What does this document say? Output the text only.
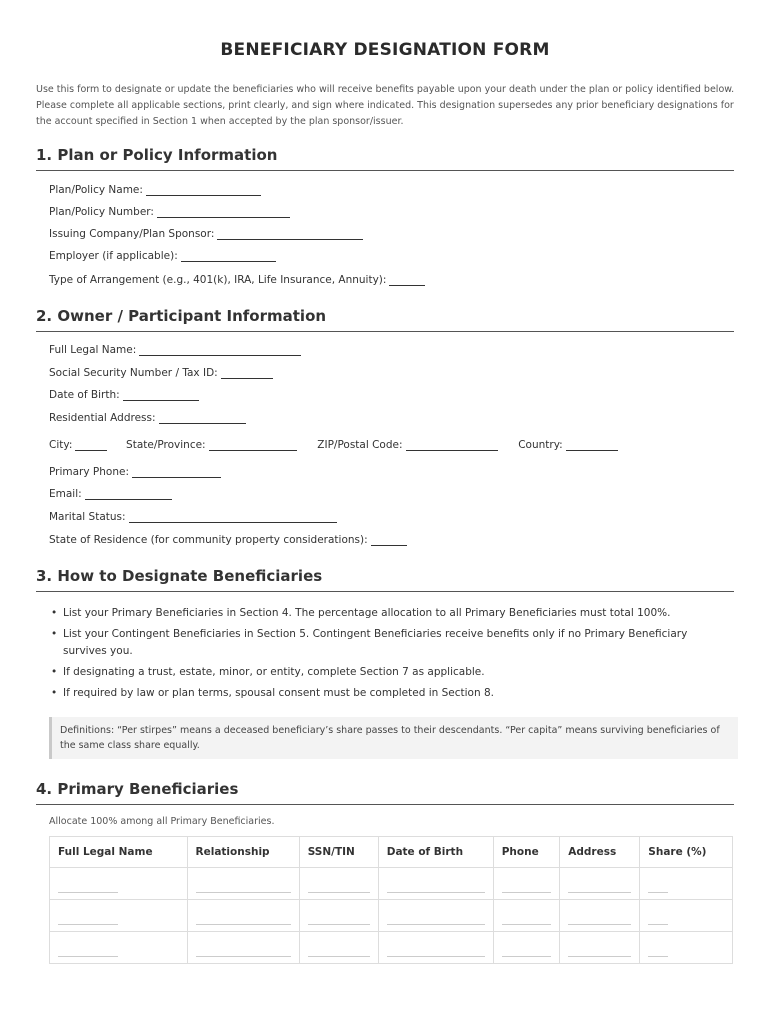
BENEFICIARY DESIGNATION FORM
Use this form to designate or update the beneficiaries who will receive benefits payable upon your death under the plan or policy identified below. Please complete all applicable sections, print clearly, and sign where indicated. This designation supersedes any prior beneficiary designations for the account specified in Section 1 when accepted by the plan sponsor/issuer.
1. Plan or Policy Information
Plan/Policy Name:
Plan/Policy Number:
Issuing Company/Plan Sponsor:
Employer (if applicable):
Type of Arrangement (e.g., 401(k), IRA, Life Insurance, Annuity):
2. Owner / Participant Information
Full Legal Name:
Social Security Number / Tax ID:
Date of Birth:
Residential Address:
City:	State/Province:	ZIP/Postal Code:	Country:
Primary Phone:
Email:
Marital Status:
State of Residence (for community property considerations):
3. How to Designate Beneficiaries
• List your Primary Beneficiaries in Section 4. The percentage allocation to all Primary Beneficiaries must total 100%.
• List your Contingent Beneficiaries in Section 5. Contingent Beneficiaries receive benefits only if no Primary Beneficiary survives you.
• If designating a trust, estate, minor, or entity, complete Section 7 as applicable.
• If required by law or plan terms, spousal consent must be completed in Section 8.
Definitions: “Per stirpes” means a deceased beneficiary’s share passes to their descendants. “Per capita” means surviving beneficiaries of the same class share equally.
4. Primary Beneficiaries
Allocate 100% among all Primary Beneficiaries.
Full Legal Name	Relationship	SSN/TIN	Date of Birth	Phone	Address	Share (%)
